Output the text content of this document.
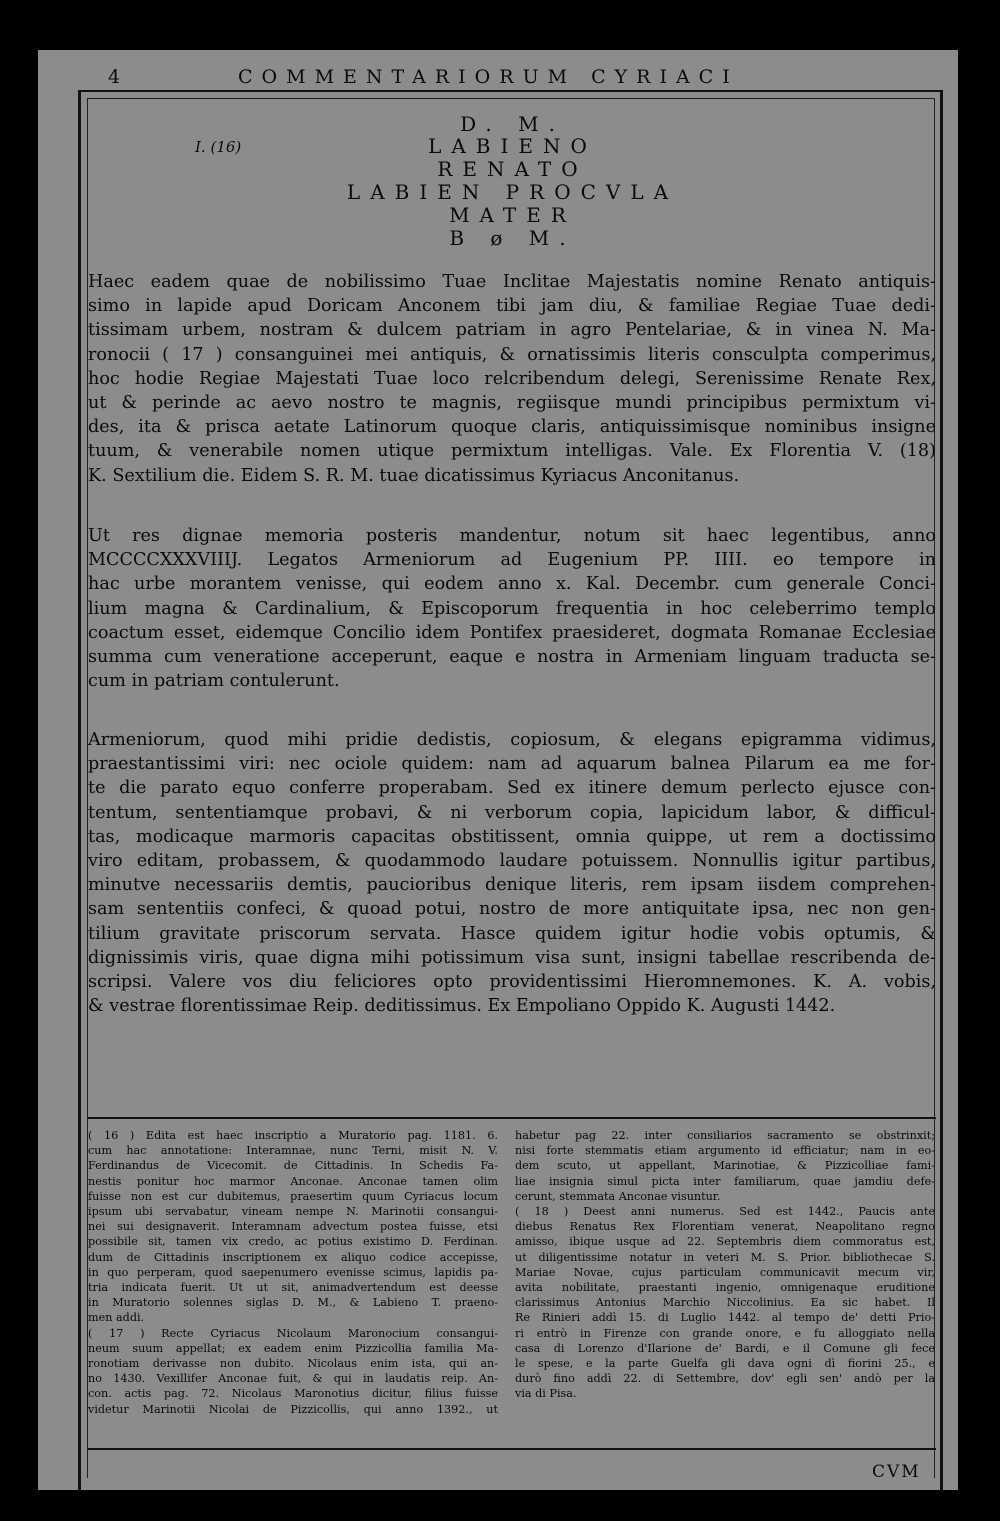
4	COMMENTARIORUM CYRIACI
I. (16)
D. M.
LABIENO
RENATO
LABIEN PROCVLA
MATER
B ø M.
Haec eadem quae de nobilissimo Tuae Inclitae Majestatis nomine Renato antiquis-
simo in lapide apud Doricam Anconem tibi jam diu, & familiae Regiae Tuae dedi-
tissimam urbem, nostram & dulcem patriam in agro Pentelariae, & in vinea N. Ma-
ronocii ( 17 ) consanguinei mei antiquis, & ornatissimis literis consculpta comperimus,
hoc hodie Regiae Majestati Tuae loco relcribendum delegi, Serenissime Renate Rex,
ut & perinde ac aevo nostro te magnis, regiisque mundi principibus permixtum vi-
des, ita & prisca aetate Latinorum quoque claris, antiquissimisque nominibus insigne
tuum, & venerabile nomen utique permixtum intelligas. Vale. Ex Florentia V. (18)
K. Sextilium die. Eidem S. R. M. tuae dicatissimus Kyriacus Anconitanus.
Ut res dignae memoria posteris mandentur, notum sit haec legentibus, anno
MCCCCXXXVIIIJ. Legatos Armeniorum ad Eugenium PP. IIII. eo tempore in
hac urbe morantem venisse, qui eodem anno x. Kal. Decembr. cum generale Conci-
lium magna & Cardinalium, & Episcoporum frequentia in hoc celeberrimo templo
coactum esset, eidemque Concilio idem Pontifex praesideret, dogmata Romanae Ecclesiae
summa cum veneratione acceperunt, eaque e nostra in Armeniam linguam traducta se-
cum in patriam contulerunt.
Armeniorum, quod mihi pridie dedistis, copiosum, & elegans epigramma vidimus,
praestantissimi viri: nec ociole quidem: nam ad aquarum balnea Pilarum ea me for-
te die parato equo conferre properabam. Sed ex itinere demum perlecto ejusce con-
tentum, sententiamque probavi, & ni verborum copia, lapicidum labor, & difficul-
tas, modicaque marmoris capacitas obstitissent, omnia quippe, ut rem a doctissimo
viro editam, probassem, & quodammodo laudare potuissem. Nonnullis igitur partibus,
minutve necessariis demtis, paucioribus denique literis, rem ipsam iisdem comprehen-
sam sententiis confeci, & quoad potui, nostro de more antiquitate ipsa, nec non gen-
tilium gravitate priscorum servata. Hasce quidem igitur hodie vobis optumis, &
dignissimis viris, quae digna mihi potissimum visa sunt, insigni tabellae rescribenda de-
scripsi. Valere vos diu feliciores opto providentissimi Hieromnemones. K. A. vobis,
& vestrae florentissimae Reip. deditissimus. Ex Empoliano Oppido K. Augusti 1442.
( 16 ) Edita est haec inscriptio a Muratorio pag. 1181. 6.
cum hac annotatione: Interamnae, nunc Terni, misit N. V.
Ferdinandus de Vicecomit. de Cittadinis. In Schedis Fa-
nestis ponitur hoc marmor Anconae. Anconae tamen olim
fuisse non est cur dubitemus, praesertim quum Cyriacus locum
ipsum ubi servabatur, vineam nempe N. Marinotii consangui-
nei sui designaverit. Interamnam advectum postea fuisse, etsi
possibile sit, tamen vix credo, ac potius existimo D. Ferdinan.
dum de Cittadinis inscriptionem ex aliquo codice accepisse,
in quo perperam, quod saepenumero evenisse scimus, lapidis pa-
tria indicata fuerit. Ut ut sit, animadvertendum est deesse
in Muratorio solennes siglas D. M., & Labieno T. praeno-
men addi.
( 17 ) Recte Cyriacus Nicolaum Maronocium consangui-
neum suum appellat; ex eadem enim Pizzicollia familia Ma-
ronotiam derivasse non dubito. Nicolaus enim ista, qui an-
no 1430. Vexillifer Anconae fuit, & qui in laudatis reip. An-
con. actis pag. 72. Nicolaus Maronotius dicitur, filius fuisse
videtur Marinotii Nicolai de Pizzicollis, qui anno 1392., ut
habetur pag 22. inter consiliarios sacramento se obstrinxit;
nisi forte stemmatis etiam argumento id efficiatur; nam in eo-
dem scuto, ut appellant, Marinotiae, & Pizzicolliae fami-
liae insignia simul picta inter familiarum, quae jamdiu defe-
cerunt, stemmata Anconae visuntur.
( 18 ) Deest anni numerus. Sed est 1442., Paucis ante
diebus Renatus Rex Florentiam venerat, Neapolitano regno
amisso, ibique usque ad 22. Septembris diem commoratus est,
ut diligentissime notatur in veteri M. S. Prior. bibliothecae S.
Mariae Novae, cujus particulam communicavit mecum vir,
avita nobilitate, praestanti ingenio, omnigenaque eruditione
clarissimus Antonius Marchio Niccolinius. Ea sic habet. Il
Re Rinieri addì 15. di Luglio 1442. al tempo de' detti Prio-
ri entrò in Firenze con grande onore, e fu alloggiato nella
casa di Lorenzo d'Ilarione de' Bardi, e il Comune gli fece
le spese, e la parte Guelfa gli dava ogni dì fiorini 25., e
durò fino addì 22. di Settembre, dov' egli sen' andò per la
via di Pisa.
CVM
